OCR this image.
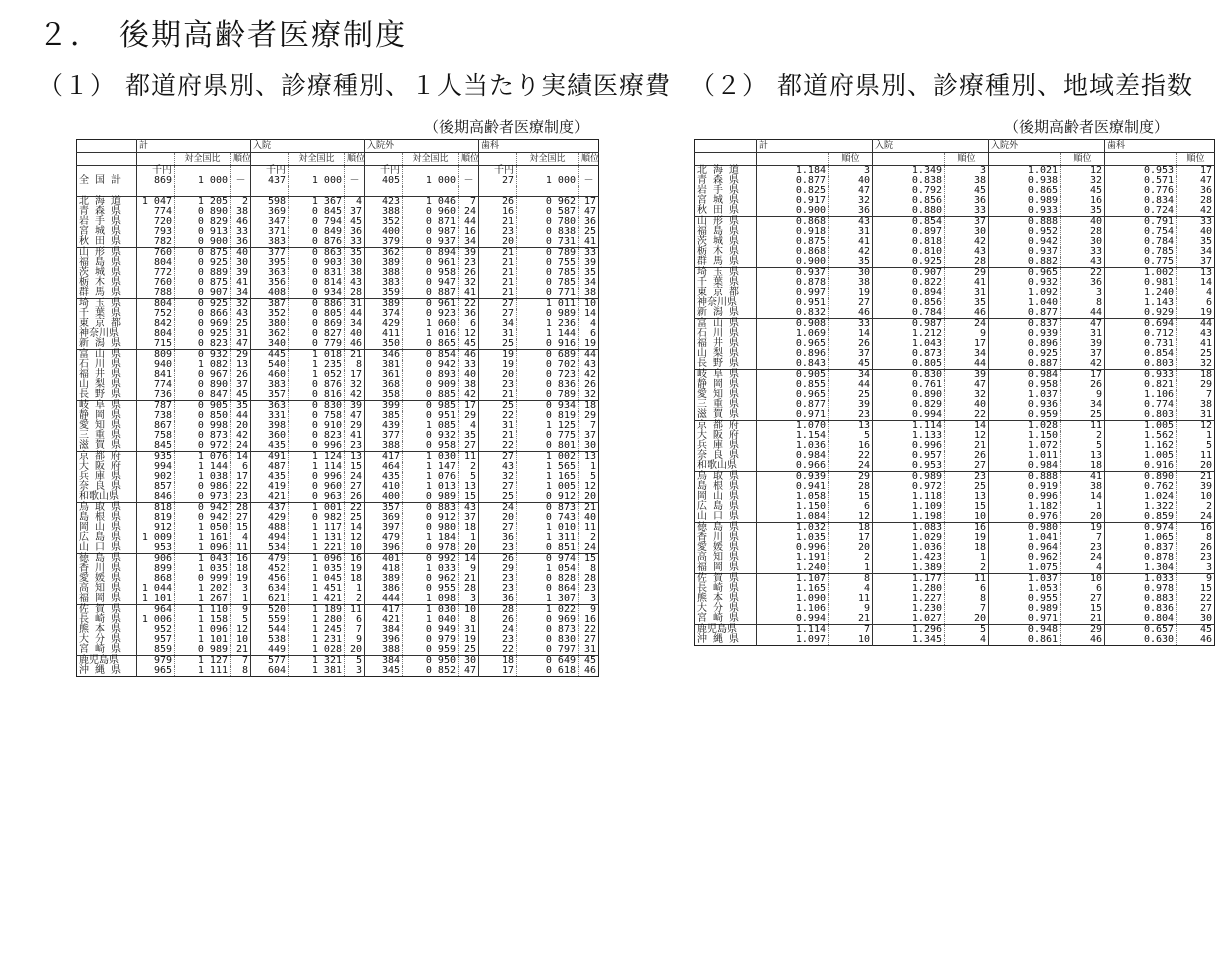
２．　後期高齢者医療制度
（１） 都道府県別、診療種別、１人当たり実績医療費 （２） 都道府県別、診療種別、地域差指数
（後期高齢者医療制度）	（後期高齢者医療制度）
	計			入院			入院外			歯科		
		対全国比	順位		対全国比	順位		対全国比	順位		対全国比	順位
	千円			千円			千円			千円		
全 国 計	869	1 000	－	437	1 000	－	405	1 000	－	27	1 000	－

北 海 道	1 047	1 205	2	598	1 367	4	423	1 046	7	26	0 962	17
青 森 県	774	0 890	38	369	0 845	37	388	0 960	24	16	0 587	47
岩 手 県	720	0 829	46	347	0 794	45	352	0 871	44	21	0 780	36
宮 城 県	793	0 913	33	371	0 849	36	400	0 987	16	23	0 838	25
秋 田 県	782	0 900	36	383	0 876	33	379	0 937	34	20	0 731	41
山 形 県	760	0 875	40	377	0 863	35	362	0 894	39	21	0 789	33
福 島 県	804	0 925	30	395	0 903	30	389	0 961	23	21	0 755	39
茨 城 県	772	0 889	39	363	0 831	38	388	0 958	26	21	0 785	35
栃 木 県	760	0 875	41	356	0 814	43	383	0 947	32	21	0 785	34
群 馬 県	788	0 907	34	408	0 934	28	359	0 887	41	21	0 771	38
埼 玉 県	804	0 925	32	387	0 886	31	389	0 961	22	27	1 011	10
千 葉 県	752	0 866	43	352	0 805	44	374	0 923	36	27	0 989	14
東 京 都	842	0 969	25	380	0 869	34	429	1 060	6	34	1 236	4
神奈川県	804	0 925	31	362	0 827	40	411	1 016	12	31	1 144	6
新 潟 県	715	0 823	47	340	0 779	46	350	0 865	45	25	0 916	19
富 山 県	809	0 932	29	445	1 018	21	346	0 854	46	19	0 689	44
石 川 県	940	1 082	13	540	1 235	8	381	0 942	33	19	0 702	43
福 井 県	841	0 967	26	460	1 052	17	361	0 893	40	20	0 723	42
山 梨 県	774	0 890	37	383	0 876	32	368	0 909	38	23	0 836	26
長 野 県	736	0 847	45	357	0 816	42	358	0 885	42	21	0 789	32
岐 阜 県	787	0 905	35	363	0 830	39	399	0 985	17	25	0 934	18
静 岡 県	738	0 850	44	331	0 758	47	385	0 951	29	22	0 819	29
愛 知 県	867	0 998	20	398	0 910	29	439	1 085	4	31	1 125	7
三 重 県	758	0 873	42	360	0 823	41	377	0 932	35	21	0 775	37
滋 賀 県	845	0 972	24	435	0 996	23	388	0 958	27	22	0 801	30
京 都 府	935	1 076	14	491	1 124	13	417	1 030	11	27	1 002	13
大 阪 府	994	1 144	6	487	1 114	15	464	1 147	2	43	1 565	1
兵 庫 県	902	1 038	17	435	0 996	24	435	1 076	5	32	1 165	5
奈 良 県	857	0 986	22	419	0 960	27	410	1 013	13	27	1 005	12
和歌山県	846	0 973	23	421	0 963	26	400	0 989	15	25	0 912	20
鳥 取 県	818	0 942	28	437	1 001	22	357	0 883	43	24	0 873	21
島 根 県	819	0 942	27	429	0 982	25	369	0 912	37	20	0 743	40
岡 山 県	912	1 050	15	488	1 117	14	397	0 980	18	27	1 010	11
広 島 県	1 009	1 161	4	494	1 131	12	479	1 184	1	36	1 311	2
山 口 県	953	1 096	11	534	1 221	10	396	0 978	20	23	0 851	24
徳 島 県	906	1 043	16	479	1 096	16	401	0 992	14	26	0 974	15
香 川 県	899	1 035	18	452	1 035	19	418	1 033	9	29	1 054	8
愛 媛 県	868	0 999	19	456	1 045	18	389	0 962	21	23	0 828	28
高 知 県	1 044	1 202	3	634	1 451	1	386	0 955	28	23	0 864	23
福 岡 県	1 101	1 267	1	621	1 421	2	444	1 098	3	36	1 307	3
佐 賀 県	964	1 110	9	520	1 189	11	417	1 030	10	28	1 022	9
長 崎 県	1 006	1 158	5	559	1 280	6	421	1 040	8	26	0 969	16
熊 本 県	952	1 096	12	544	1 245	7	384	0 949	31	24	0 873	22
大 分 県	957	1 101	10	538	1 231	9	396	0 979	19	23	0 830	27
宮 崎 県	859	0 989	21	449	1 028	20	388	0 959	25	22	0 797	31
鹿児島県	979	1 127	7	577	1 321	5	384	0 950	30	18	0 649	45
沖 縄 県	965	1 111	8	604	1 381	3	345	0 852	47	17	0 618	46
	計		入院		入院外		歯科	
		順位		順位		順位		順位
北 海 道	1.184	3	1.349	3	1.021	12	0.953	17
青 森 県	0.877	40	0.838	38	0.938	32	0.571	47
岩 手 県	0.825	47	0.792	45	0.865	45	0.776	36
宮 城 県	0.917	32	0.856	36	0.989	16	0.834	28
秋 田 県	0.900	36	0.880	33	0.933	35	0.724	42
山 形 県	0.868	43	0.854	37	0.888	40	0.791	33
福 島 県	0.918	31	0.897	30	0.952	28	0.754	40
茨 城 県	0.875	41	0.818	42	0.942	30	0.784	35
栃 木 県	0.868	42	0.810	43	0.937	33	0.785	34
群 馬 県	0.900	35	0.925	28	0.882	43	0.775	37
埼 玉 県	0.937	30	0.907	29	0.965	22	1.002	13
千 葉 県	0.878	38	0.822	41	0.932	36	0.981	14
東 京 都	0.997	19	0.894	31	1.092	3	1.240	4
神奈川県	0.951	27	0.856	35	1.040	8	1.143	6
新 潟 県	0.832	46	0.784	46	0.877	44	0.929	19
富 山 県	0.908	33	0.987	24	0.837	47	0.694	44
石 川 県	1.069	14	1.212	9	0.939	31	0.712	43
福 井 県	0.965	26	1.043	17	0.896	39	0.731	41
山 梨 県	0.896	37	0.873	34	0.925	37	0.854	25
長 野 県	0.843	45	0.805	44	0.887	42	0.803	32
岐 阜 県	0.905	34	0.830	39	0.984	17	0.933	18
静 岡 県	0.855	44	0.761	47	0.958	26	0.821	29
愛 知 県	0.965	25	0.890	32	1.037	9	1.106	7
三 重 県	0.877	39	0.829	40	0.936	34	0.774	38
滋 賀 県	0.971	23	0.994	22	0.959	25	0.803	31
京 都 府	1.070	13	1.114	14	1.028	11	1.005	12
大 阪 府	1.154	5	1.133	12	1.150	2	1.562	1
兵 庫 県	1.036	16	0.996	21	1.072	5	1.162	5
奈 良 県	0.984	22	0.957	26	1.011	13	1.005	11
和歌山県	0.966	24	0.953	27	0.984	18	0.916	20
鳥 取 県	0.939	29	0.989	23	0.888	41	0.890	21
島 根 県	0.941	28	0.972	25	0.919	38	0.762	39
岡 山 県	1.058	15	1.118	13	0.996	14	1.024	10
広 島 県	1.150	6	1.109	15	1.182	1	1.322	2
山 口 県	1.084	12	1.198	10	0.976	20	0.859	24
徳 島 県	1.032	18	1.083	16	0.980	19	0.974	16
香 川 県	1.035	17	1.029	19	1.041	7	1.065	8
愛 媛 県	0.996	20	1.036	18	0.964	23	0.837	26
高 知 県	1.191	2	1.423	1	0.962	24	0.878	23
福 岡 県	1.240	1	1.389	2	1.075	4	1.304	3
佐 賀 県	1.107	8	1.177	11	1.037	10	1.033	9
長 崎 県	1.165	4	1.280	6	1.053	6	0.978	15
熊 本 県	1.090	11	1.227	8	0.955	27	0.883	22
大 分 県	1.106	9	1.230	7	0.989	15	0.836	27
宮 崎 県	0.994	21	1.027	20	0.971	21	0.804	30
鹿児島県	1.114	7	1.296	5	0.948	29	0.657	45
沖 縄 県	1.097	10	1.345	4	0.861	46	0.630	46
